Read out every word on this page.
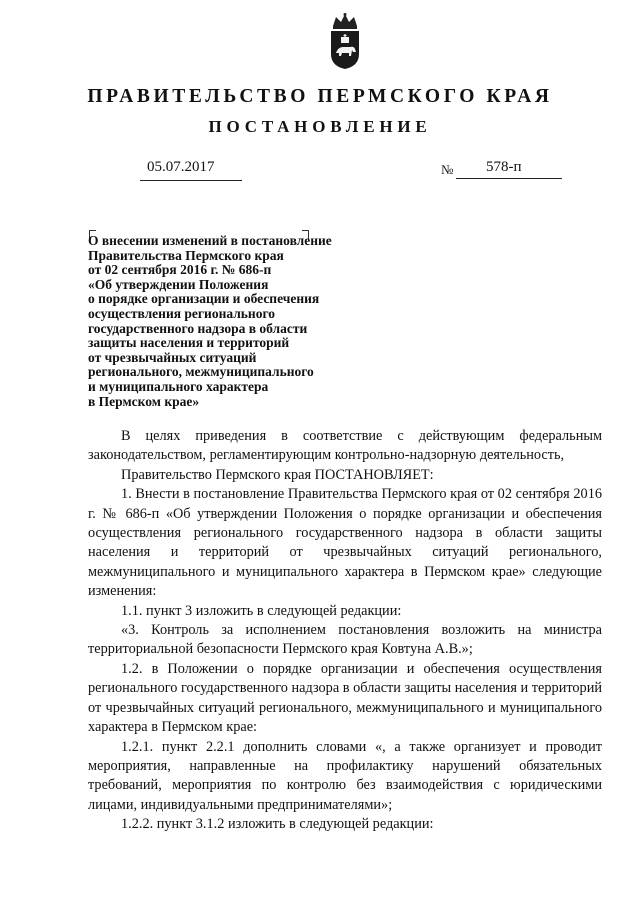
ПРАВИТЕЛЬСТВО ПЕРМСКОГО КРАЯ
ПОСТАНОВЛЕНИЕ
05.07.2017	№ 578-п
О внесении изменений в постановление
Правительства Пермского края
от 02 сентября 2016 г. № 686-п
«Об утверждении Положения
о порядке организации и обеспечения
осуществления регионального
государственного надзора в области
защиты населения и территорий
от чрезвычайных ситуаций
регионального, межмуниципального
и муниципального характера
в Пермском крае»

В целях приведения в соответствие с действующим федеральным законодательством, регламентирующим контрольно-надзорную деятельность,

Правительство Пермского края ПОСТАНОВЛЯЕТ:

1. Внести в постановление Правительства Пермского края от 02 сентября 2016 г. № 686-п «Об утверждении Положения о порядке организации и обеспечения осуществления регионального государственного надзора в области защиты населения и территорий от чрезвычайных ситуаций регионального, межмуниципального и муниципального характера в Пермском крае» следующие изменения:

1.1. пункт 3 изложить в следующей редакции:

«3. Контроль за исполнением постановления возложить на министра территориальной безопасности Пермского края Ковтуна А.В.»;

1.2. в Положении о порядке организации и обеспечения осуществления регионального государственного надзора в области защиты населения и территорий от чрезвычайных ситуаций регионального, межмуниципального и муниципального характера в Пермском крае:

1.2.1. пункт 2.2.1 дополнить словами «, а также организует и проводит мероприятия, направленные на профилактику нарушений обязательных требований, мероприятия по контролю без взаимодействия с юридическими лицами, индивидуальными предпринимателями»;

1.2.2. пункт 3.1.2 изложить в следующей редакции:
